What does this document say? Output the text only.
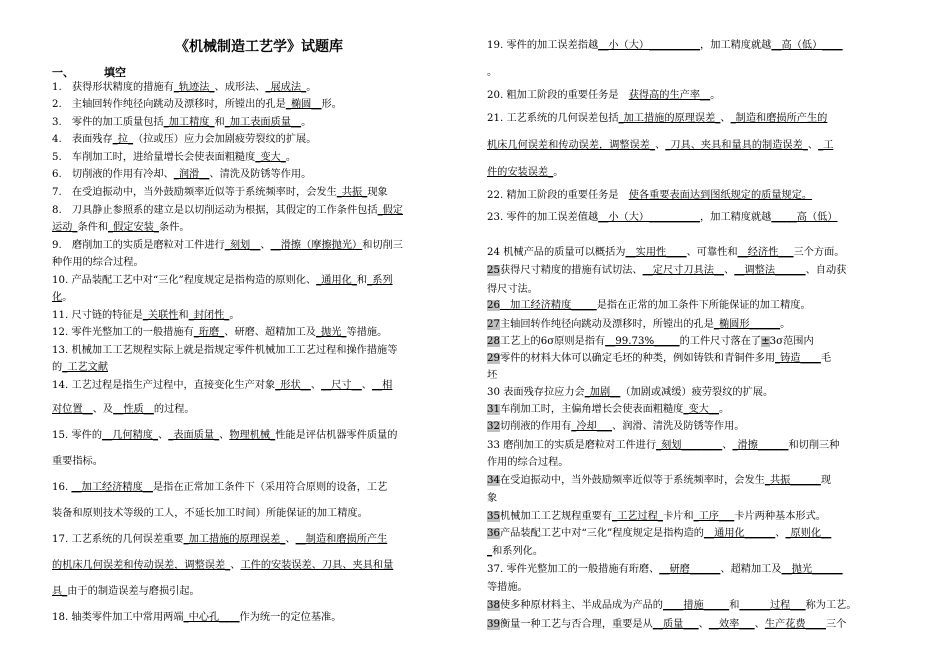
《机械制造工艺学》试题库
一、	填空
1.　获得形状精度的措施有_轨迹法_、成形法、_展成法_。
2.　主轴回转作纯径向跳动及漂移时，所镗出的孔是_椭圆__形。
3.　零件的加工质量包括_加工精度_和_加工表面质量__。
4.　表面残存_拉_（拉或压）应力会加剧疲劳裂纹的扩展。
5.　车削加工时，进给量增长会使表面粗糙度_变大_。
6.　切削液的作用有冷却、_润滑__、清洗及防锈等作用。
7.　在受迫振动中，当外鼓励频率近似等于系统频率时，会发生_共振_现象
8.　刀具静止参照系的建立是以切削运动为根据，其假定的工作条件包括_假定
运动_条件和_假定安装_条件。
9.　磨削加工的实质是磨粒对工件进行_刻划__、__滑擦（摩擦抛光）和切削三
种作用的综合过程。
10. 产品装配工艺中对“三化”程度规定是指构造的原则化、_通用化_和_系列
化。
11. 尺寸链的特征是_关联性和_封闭性_。
12. 零件光整加工的一般措施有_珩磨_、研磨、超精加工及_抛光_等措施。
13. 机械加工工艺规程实际上就是指规定零件机械加工工艺过程和操作措施等
的_工艺文献
14. 工艺过程是指生产过程中，直接变化生产对象_形状__、__尺寸__、__相
对位置__、及__性质__的过程。
15. 零件的__几何精度_、_表面质量_、物理机械_性能是评估机器零件质量的
重要指标。
16. __加工经济精度__是指在正常加工条件下（采用符合原则的设备，工艺
装备和原则技术等级的工人，不延长加工时间）所能保证的加工精度。
17. 工艺系统的几何误差重要_加工措施的原理误差_、__制造和磨损所产生
的机床几何误差和传动误差，调整误差_、工件的安装误差、刀具、夹具和量
具_由于的制造误差与磨损引起。
18. 轴类零件加工中常用两端_中心孔____作为统一的定位基准。
19. 零件的加工误差指越__小（大）__________，加工精度就越__高（低）____
。
20. 粗加工阶段的重要任务是　获得高的生产率__。
21. 工艺系统的几何误差包括_加工措施的原理误差_、_制造和磨损所产生的
机床几何误差和传动误差，调整误差_、_刀具、夹具和量具的制造误差_、_工
件的安装误差_。
22. 精加工阶段的重要任务是　使各重要表面达到图纸规定的质量规定。
23. 零件的加工误差值越__小（大）__________，加工精度就越_____高（低）
24 机械产品的质量可以概括为__实用性____、可靠性和__经济性___三个方面。
25获得尺寸精度的措施有试切法、__定尺寸刀具法__、__调整法______、自动获
得尺寸法。
26　加工经济精度_____是指在正常的加工条件下所能保证的加工精度。
27主轴回转作纯径向跳动及漂移时，所镗出的孔是_椭圆形______。
28工艺上的6σ原则是指有__99.73%_____的工件尺寸落在了±3σ范围内
29零件的材料大体可以确定毛坯的种类，例如铸铁和青铜件多用_铸造____毛
坯
30 表面残存拉应力会_加剧__（加剧或减缓）疲劳裂纹的扩展。
31车削加工时，主偏角增长会使表面粗糙度_变大__。
32切削液的作用有_冷却___、润滑、清洗及防锈等作用。
33 磨削加工的实质是磨粒对工件进行_刻划________、_滑擦______和切削三种
作用的综合过程。
34在受迫振动中，当外鼓励频率近似等于系统频率时，会发生_共振______现
象
35机械加工工艺规程重要有_工艺过程_卡片和_工序___卡片两种基本形式。
36产品装配工艺中对“三化”程度规定是指构造的__通用化______、_原则化__
_和系列化。
37. 零件光整加工的一般措施有珩磨、__研磨______、超精加工及__抛光______
等措施。
38使多种原材料主、半成品成为产品的____措施_____和______过程___称为工艺。
39衡量一种工艺与否合理，重要是从__质量___、__效率___、生产花费____三个
